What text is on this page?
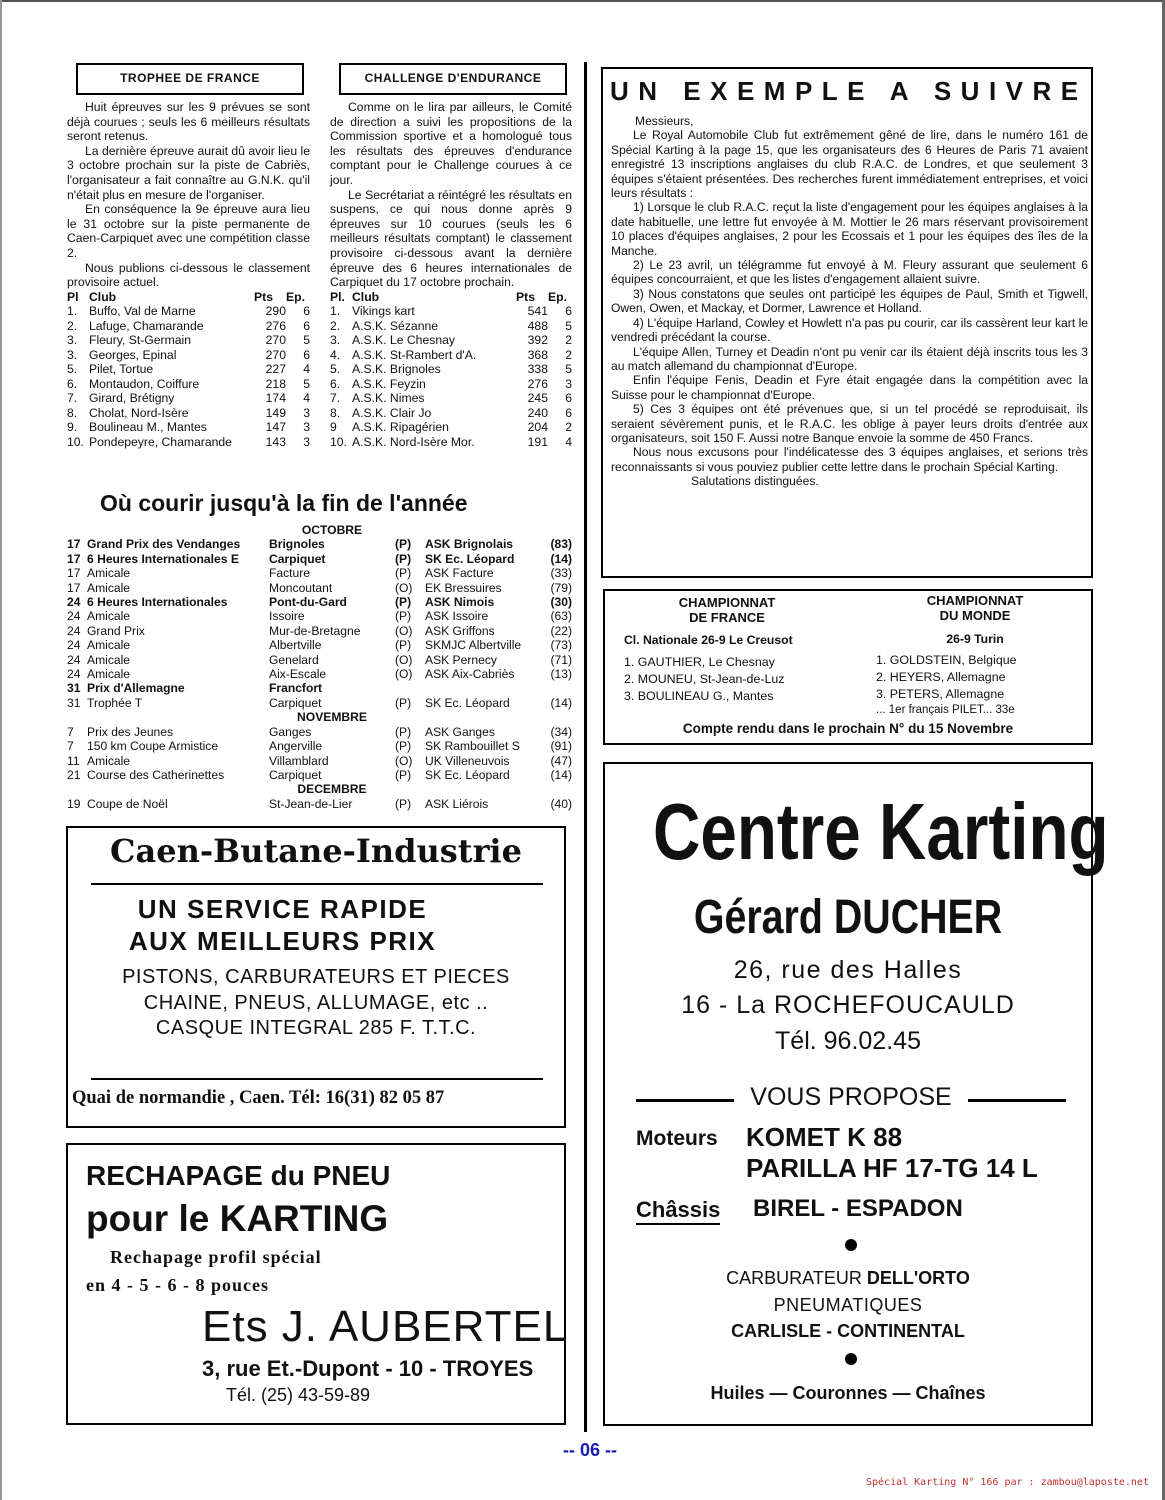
TROPHEE DE FRANCE

Huit épreuves sur les 9 prévues se sont déjà courues ; seuls les 6 meilleurs résultats seront retenus.

La dernière épreuve aurait dû avoir lieu le 3 octobre prochain sur la piste de Cabriès, l'organisateur a fait connaître au G.N.K. qu'il n'était plus en mesure de l'organiser.

En conséquence la 9e épreuve aura lieu le 31 octobre sur la piste permanente de Caen-Carpiquet avec une compétition classe 2.

Nous publions ci-dessous le classement provisoire actuel.

Pl	Club	Pts	Ep.
1.	Buffo, Val de Marne	290	6
2.	Lafuge, Chamarande	276	6
3.	Fleury, St-Germain	270	5
3.	Georges, Epinal	270	6
5.	Pilet, Tortue	227	4
6.	Montaudon, Coiffure	218	5
7.	Girard, Brétigny	174	4
8.	Cholat, Nord-Isère	149	3
9.	Boulineau M., Mantes	147	3
10.	Pondepeyre, Chamarande	143	3
CHALLENGE D'ENDURANCE

Comme on le lira par ailleurs, le Comité de direction a suivi les propositions de la Commission sportive et a homologué tous les résultats des épreuves d'endurance comptant pour le Challenge courues à ce jour.

Le Secrétariat a réintégré les résultats en suspens, ce qui nous donne après 9 épreuves sur 10 courues (seuls les 6 meilleurs résultats comptant) le classement provisoire ci-dessous avant la dernière épreuve des 6 heures internationales de Carpiquet du 17 octobre prochain.

Pl.	Club	Pts	Ep.
1.	Vikings kart	541	6
2.	A.S.K. Sézanne	488	5
3.	A.S.K. Le Chesnay	392	2
4.	A.S.K. St-Rambert d'A.	368	2
5.	A.S.K. Brignoles	338	5
6.	A.S.K. Feyzin	276	3
7.	A.S.K. Nimes	245	6
8.	A.S.K. Clair Jo	240	6
9	A.S.K. Ripagérien	204	2
10.	A.S.K. Nord-Isère Mor.	191	4
UN EXEMPLE A SUIVRE

Messieurs,

Le Royal Automobile Club fut extrêmement gêné de lire, dans le numéro 161 de Spécial Karting à la page 15, que les organisateurs des 6 Heures de Paris 71 avaient enregistré 13 inscriptions anglaises du club R.A.C. de Londres, et que seulement 3 équipes s'étaient présentées. Des recherches furent immédiatement entreprises, et voici leurs résultats :

1) Lorsque le club R.A.C. reçut la liste d'engagement pour les équipes anglaises à la date habituelle, une lettre fut envoyée à M. Mottier le 26 mars réservant provisoirement 10 places d'équipes anglaises, 2 pour les Ecossais et 1 pour les équipes des îles de la Manche.

2) Le 23 avril, un télégramme fut envoyé à M. Fleury assurant que seulement 6 équipes concourraient, et que les listes d'engagement allaient suivre.

3) Nous constatons que seules ont participé les équipes de Paul, Smith et Tigwell, Owen, Owen, et Mackay, et Dormer, Lawrence et Holland.

4) L'équipe Harland, Cowley et Howlett n'a pas pu courir, car ils cassèrent leur kart le vendredi précédant la course.

L'équipe Allen, Turney et Deadin n'ont pu venir car ils étaient déjà inscrits tous les 3 au match allemand du championnat d'Europe.

Enfin l'équipe Fenis, Deadin et Fyre était engagée dans la compétition avec la Suisse pour le championnat d'Europe.

5) Ces 3 équipes ont été prévenues que, si un tel procédé se reproduisait, ils seraient sévèrement punis, et le R.A.C. les oblige à payer leurs droits d'entrée aux organisateurs, soit 150 F. Aussi notre Banque envoie la somme de 450 Francs.

Nous nous excusons pour l'indélicatesse des 3 équipes anglaises, et serions très reconnaissants si vous pouviez publier cette lettre dans le prochain Spécial Karting.

Salutations distinguées.

Où courir jusqu'à la fin de l'année
		OCTOBRE			
17	Grand Prix des Vendanges	Brignoles	(P)	ASK Brignolais	(83)
17	6 Heures Internationales E	Carpiquet	(P)	SK Ec. Léopard	(14)
17	Amicale	Facture	(P)	ASK Facture	(33)
17	Amicale	Moncoutant	(O)	EK Bressuires	(79)
24	6 Heures Internationales	Pont-du-Gard	(P)	ASK Nimois	(30)
24	Amicale	Issoire	(P)	ASK Issoire	(63)
24	Grand Prix	Mur-de-Bretagne	(O)	ASK Griffons	(22)
24	Amicale	Albertville	(P)	SKMJC Albertville	(73)
24	Amicale	Genelard	(O)	ASK Pernecy	(71)
24	Amicale	Aix-Escale	(O)	ASK Aix-Cabriès	(13)
31	Prix d'Allemagne	Francfort			
31	Trophée T	Carpiquet	(P)	SK Ec. Léopard	(14)
		NOVEMBRE			
7	Prix des Jeunes	Ganges	(P)	ASK Ganges	(34)
7	150 km Coupe Armistice	Angerville	(P)	SK Rambouillet S	(91)
11	Amicale	Villamblard	(O)	UK Villeneuvois	(47)
21	Course des Catherinettes	Carpiquet	(P)	SK Ec. Léopard	(14)
		DECEMBRE			
19	Coupe de Noël	St-Jean-de-Lier	(P)	ASK Liérois	(40)
CHAMPIONNAT
DE FRANCE
Cl. Nationale 26-9 Le Creusot
1. GAUTHIER, Le Chesnay
2. MOUNEU, St-Jean-de-Luz
3. BOULINEAU G., Mantes
CHAMPIONNAT
DU MONDE
26-9 Turin
1. GOLDSTEIN, Belgique
2. HEYERS, Allemagne
3. PETERS, Allemagne
... 1er français PILET... 33e
Compte rendu dans le prochain N° du 15 Novembre
Caen-Butane-Industrie
UN SERVICE RAPIDE
AUX MEILLEURS PRIX
PISTONS, CARBURATEURS ET PIECES
CHAINE, PNEUS, ALLUMAGE, etc ..
CASQUE INTEGRAL 285 F. T.T.C.
Quai de normandie , Caen. Tél: 16(31) 82 05 87
RECHAPAGE du PNEU
pour le KARTING
Rechapage profil spécial
en 4 - 5 - 6 - 8 pouces
Ets J. AUBERTEL
3, rue Et.-Dupont - 10 - TROYES
Tél. (25) 43-59-89
Centre Karting
Gérard DUCHER
26, rue des Halles
16 - La ROCHEFOUCAULD
Tél. 96.02.45
VOUS PROPOSE
Moteurs KOMET K 88
PARILLA HF 17-TG 14 L
Châssis BIREL - ESPADON
CARBURATEUR DELL'ORTO
PNEUMATIQUES
CARLISLE - CONTINENTAL
Huiles — Couronnes — Chaînes
-- 06 --
Spécial Karting N° 166 par : zambou@laposte.net
